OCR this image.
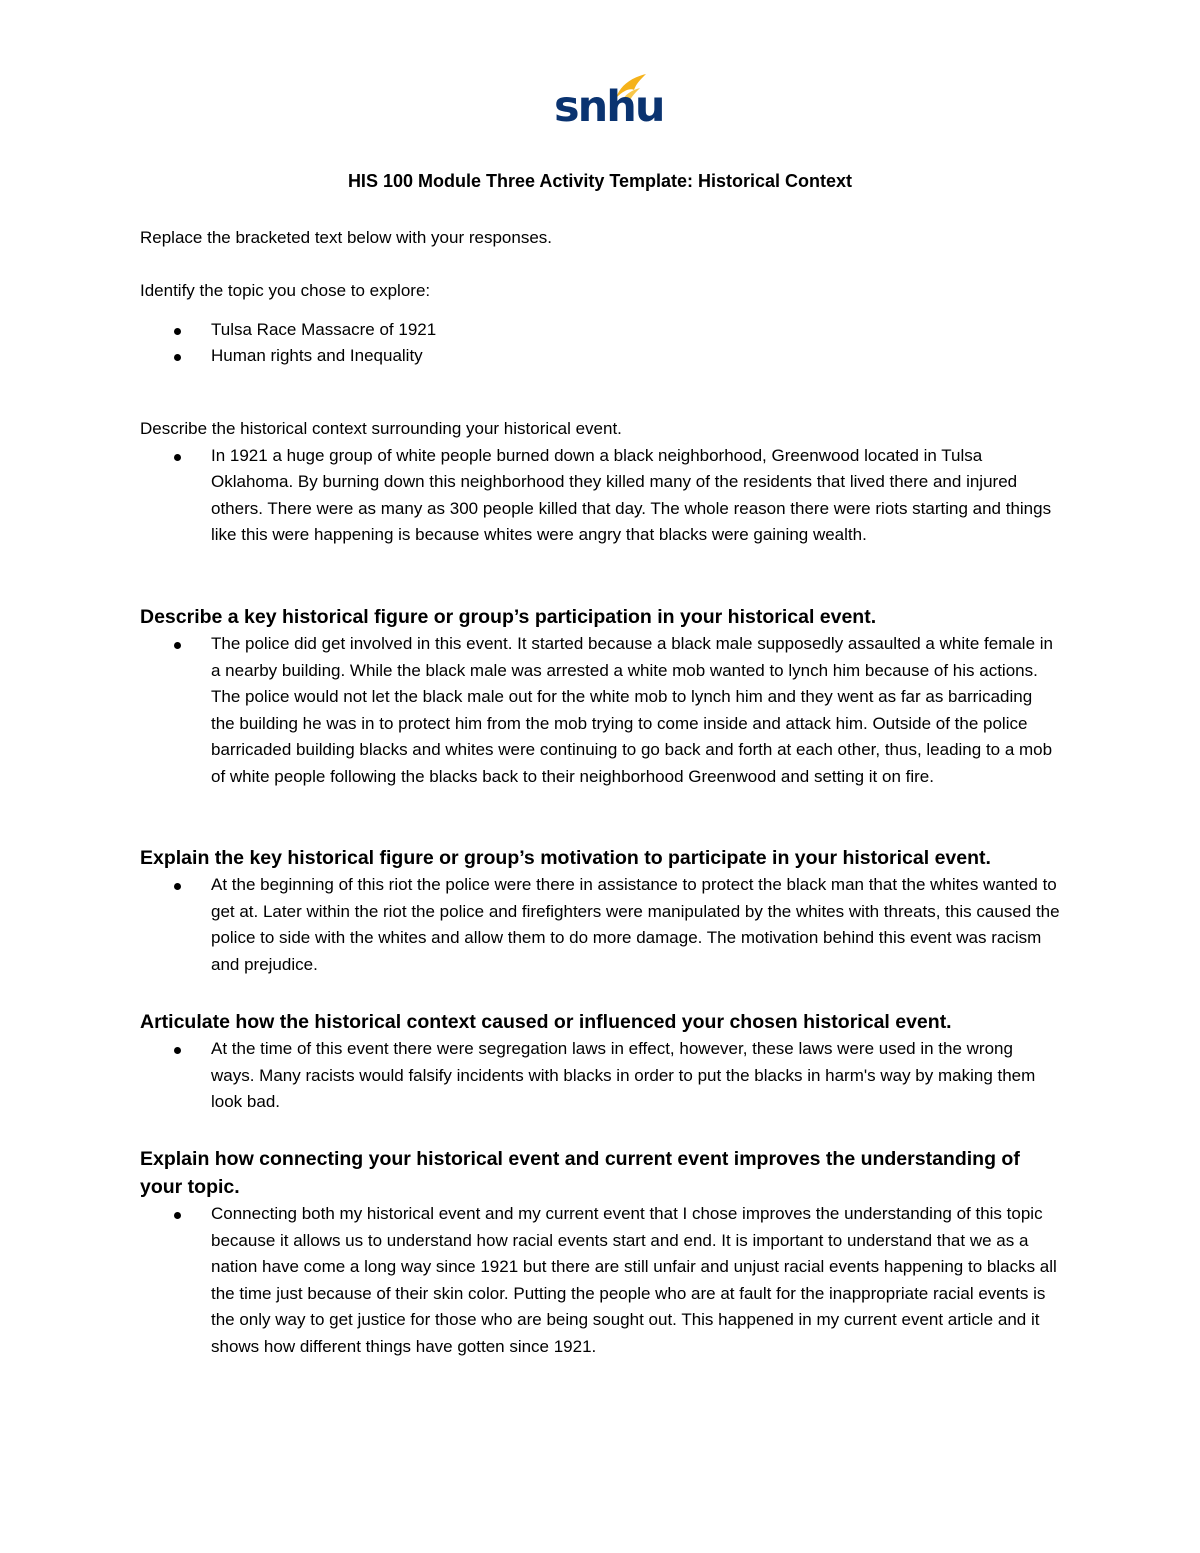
snhu
HIS 100 Module Three Activity Template: Historical Context
Replace the bracketed text below with your responses.
Identify the topic you chose to explore:
Tulsa Race Massacre of 1921
Human rights and Inequality
Describe the historical context surrounding your historical event.
In 1921 a huge group of white people burned down a black neighborhood, Greenwood located in Tulsa Oklahoma. By burning down this neighborhood they killed many of the residents that lived there and injured others. There were as many as 300 people killed that day. The whole reason there were riots starting and things like this were happening is because whites were angry that blacks were gaining wealth.
Describe a key historical figure or group’s participation in your historical event.
The police did get involved in this event. It started because a black male supposedly assaulted a white female in a nearby building. While the black male was arrested a white mob wanted to lynch him because of his actions. The police would not let the black male out for the white mob to lynch him and they went as far as barricading the building he was in to protect him from the mob trying to come inside and attack him. Outside of the police barricaded building blacks and whites were continuing to go back and forth at each other, thus, leading to a mob of white people following the blacks back to their neighborhood Greenwood and setting it on fire.
Explain the key historical figure or group’s motivation to participate in your historical event.
At the beginning of this riot the police were there in assistance to protect the black man that the whites wanted to get at. Later within the riot the police and firefighters were manipulated by the whites with threats, this caused the police to side with the whites and allow them to do more damage. The motivation behind this event was racism and prejudice.
Articulate how the historical context caused or influenced your chosen historical event.
At the time of this event there were segregation laws in effect, however, these laws were used in the wrong ways. Many racists would falsify incidents with blacks in order to put the blacks in harm's way by making them look bad.
Explain how connecting your historical event and current event improves the understanding of your topic.
Connecting both my historical event and my current event that I chose improves the understanding of this topic because it allows us to understand how racial events start and end. It is important to understand that we as a nation have come a long way since 1921 but there are still unfair and unjust racial events happening to blacks all the time just because of their skin color. Putting the people who are at fault for the inappropriate racial events is the only way to get justice for those who are being sought out. This happened in my current event article and it shows how different things have gotten since 1921.
